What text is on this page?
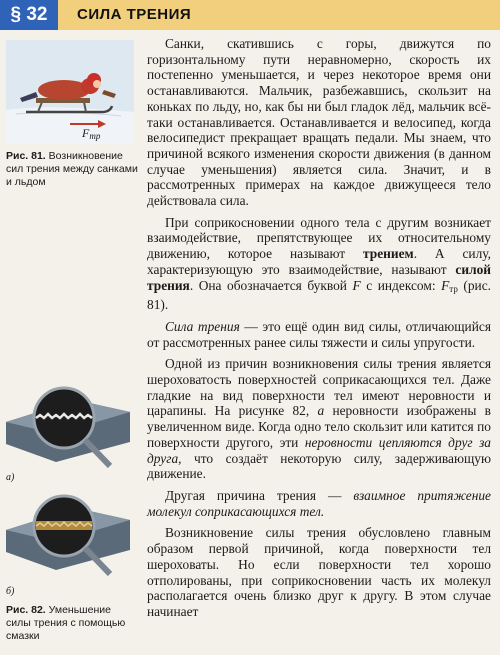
§ 32	СИЛА ТРЕНИЯ
$F_{тр}$
Рис. 81. Возникновение сил трения между санками и льдом
а)
б)
Рис. 82. Уменьшение силы трения с помощью смазки

Санки, скатившись с горы, движутся по горизонтальному пути неравномерно, скорость их постепенно уменьшается, и через некоторое время они останавливаются. Мальчик, разбежавшись, скользит на коньках по льду, но, как бы ни был гладок лёд, мальчик всё-таки останавливается. Останавливается и велосипед, когда велосипедист прекращает вращать педали. Мы знаем, что причиной всякого изменения скорости движения (в данном случае уменьшения) является сила. Значит, и в рассмотренных примерах на каждое движущееся тело действовала сила.

При соприкосновении одного тела с другим возникает взаимодействие, препятствующее их относительному движению, которое называют трением. А силу, характеризующую это взаимодействие, называют силой трения. Она обозначается буквой F с индексом: $F_{тр}$ (рис. 81).

Сила трения — это ещё один вид силы, отличающийся от рассмотренных ранее силы тяжести и силы упругости.

Одной из причин возникновения силы трения является шероховатость поверхностей соприкасающихся тел. Даже гладкие на вид поверхности тел имеют неровности и царапины. На рисунке 82, а неровности изображены в увеличенном виде. Когда одно тело скользит или катится по поверхности другого, эти неровности цепляются друг за друга, что создаёт некоторую силу, задерживающую движение.

Другая причина трения — взаимное притяжение молекул соприкасающихся тел.

Возникновение силы трения обусловлено главным образом первой причиной, когда поверхности тел шероховаты. Но если поверхности тел хорошо отполированы, при соприкосновении часть их молекул располагается очень близко друг к другу. В этом случае начинает
